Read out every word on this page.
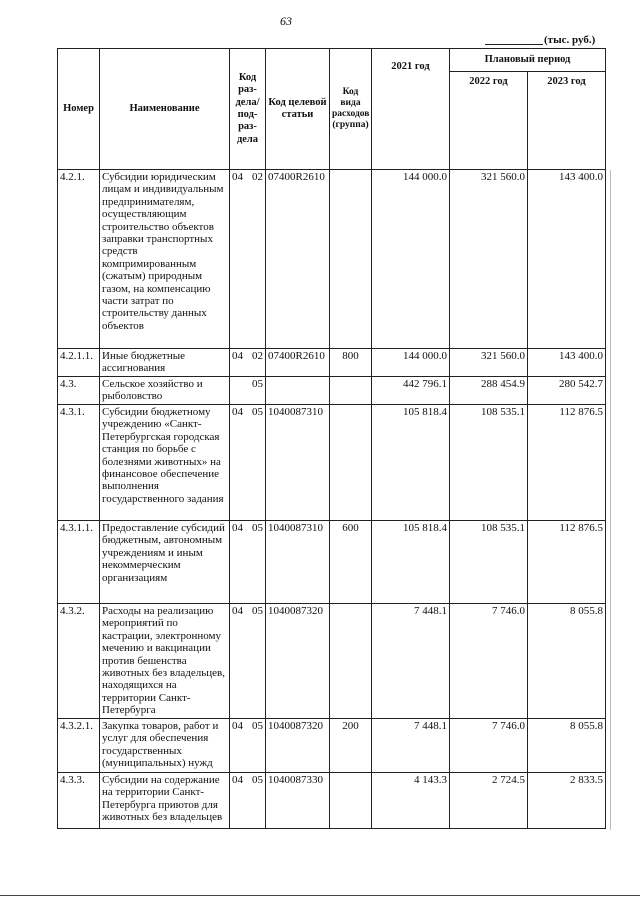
63
(тыс. руб.)
Номер	Наименование	Код раз-дела/ под-раз-дела	Код целевой статьи	Код вида расходов (группа)	2021 год	Плановый период	
						2022 год	2023 год
4.2.1.	Субсидии юридическим лицам и индивидуальным предпринимателям, осуществляющим строительство объектов заправки транспортных средств компримированным (сжатым) природным газом, на компенсацию части затрат по строительству данных объектов	04 02	07400R2610		144 000.0	321 560.0	143 400.0
4.2.1.1.	Иные бюджетные ассигнования	04 02	07400R2610	800	144 000.0	321 560.0	143 400.0
4.3.	Сельское хозяйство и рыболовство	05			442 796.1	288 454.9	280 542.7
4.3.1.	Субсидии бюджетному учреждению «Санкт-Петербургская городская станция по борьбе с болезнями животных» на финансовое обеспечение выполнения государственного задания	04 05	1040087310		105 818.4	108 535.1	112 876.5
4.3.1.1.	Предоставление субсидий бюджетным, автономным учреждениям и иным некоммерческим организациям	04 05	1040087310	600	105 818.4	108 535.1	112 876.5
4.3.2.	Расходы на реализацию мероприятий по кастрации, электронному мечению и вакцинации против бешенства животных без владельцев, находящихся на территории Санкт-Петербурга	04 05	1040087320		7 448.1	7 746.0	8 055.8
4.3.2.1.	Закупка товаров, работ и услуг для обеспечения государственных (муниципальных) нужд	04 05	1040087320	200	7 448.1	7 746.0	8 055.8
4.3.3.	Субсидии на содержание на территории Санкт-Петербурга приютов для животных без владельцев	04 05	1040087330		4 143.3	2 724.5	2 833.5
